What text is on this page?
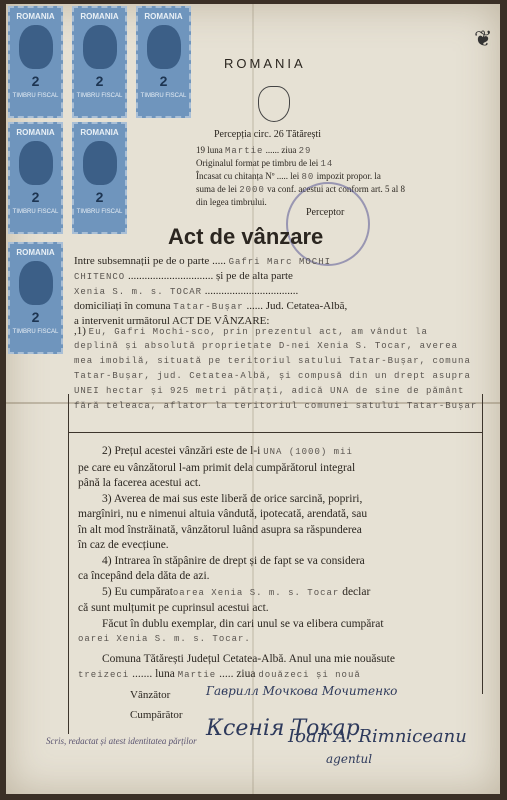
❦
ROMANIA
2
TIMBRU FISCAL
ROMANIA
2
TIMBRU FISCAL
ROMANIA
2
TIMBRU FISCAL
ROMANIA
2
TIMBRU FISCAL
ROMANIA
2
TIMBRU FISCAL
ROMANIA
2
TIMBRU FISCAL
ROMANIA
Percepția circ. 26 Tătărești
19 luna Martie ...... ziua 29
Originalul format pe timbru de lei 14
Încasat cu chitanța Nº ..... lei 80 impozit propor. la
suma de lei 2000 va conf. acestui act conform art. 5 al 8
din legea timbrului.
Perceptor
Act de vânzare
Intre subsemnații pe de o parte ..... Gafri Marc MOCHI
CHITENCO ............................... și pe de alta parte
Xenia S. m. s. TOCAR ..................................
domiciliați în comuna Tatar-Bușar ...... Jud. Cetatea-Albă,
a intervenit următorul ACT DE VÂNZARE:
,1) Eu, Gafri Mochi-sco, prin prezentul act, am vândut la
deplină și absolută proprietate D-nei Xenia S. Tocar, averea
mea imobilă, situată pe teritoriul satului Tatar-Bușar, comuna
Tatar-Bușar, jud. Cetatea-Albă, și compusă din un drept asupra
UNEI hectar și 925 metri pătrați, adică UNA de sine de pământ
fără teleaca, aflator la teritoriul comunei satului Tatar-Bușar
2) Prețul acestei vânzări este de l-i UNA (1000) mii
pe care eu vânzătorul l-am primit dela cumpărătorul integral
până la facerea acestui act.
3) Averea de mai sus este liberă de orice sarcină, popriri,
margîniri, nu e nimenui altuia vândută, ipotecată, arendată, sau
în alt mod înstrăinată, vânzătorul luând asupra sa răspunderea
în caz de evecțiune.
4) Intrarea în stăpânire de drept și de fapt se va considera
ca începând dela dăta de azi.
5) Eu cumpăratoarea Xenia S. m. s. Tocar declar
că sunt mulțumit pe cuprinsul acestui act.
Făcut în dublu exemplar, din cari unul se va elibera cumpărat
oarei Xenia S. m. s. Tocar.
Comuna Tătărești Județul Cetatea-Albă. Anul una mie nouăsute
treizeci ....... luna Martie ..... ziua douăzeci și nouă
Vânzător	Гаврилл Мочкова Мочитенко
Cumpărător
Ксенія Токар
Scris, redactat și atest identitatea părților	Ioan A. Rimniceanu
agentul
